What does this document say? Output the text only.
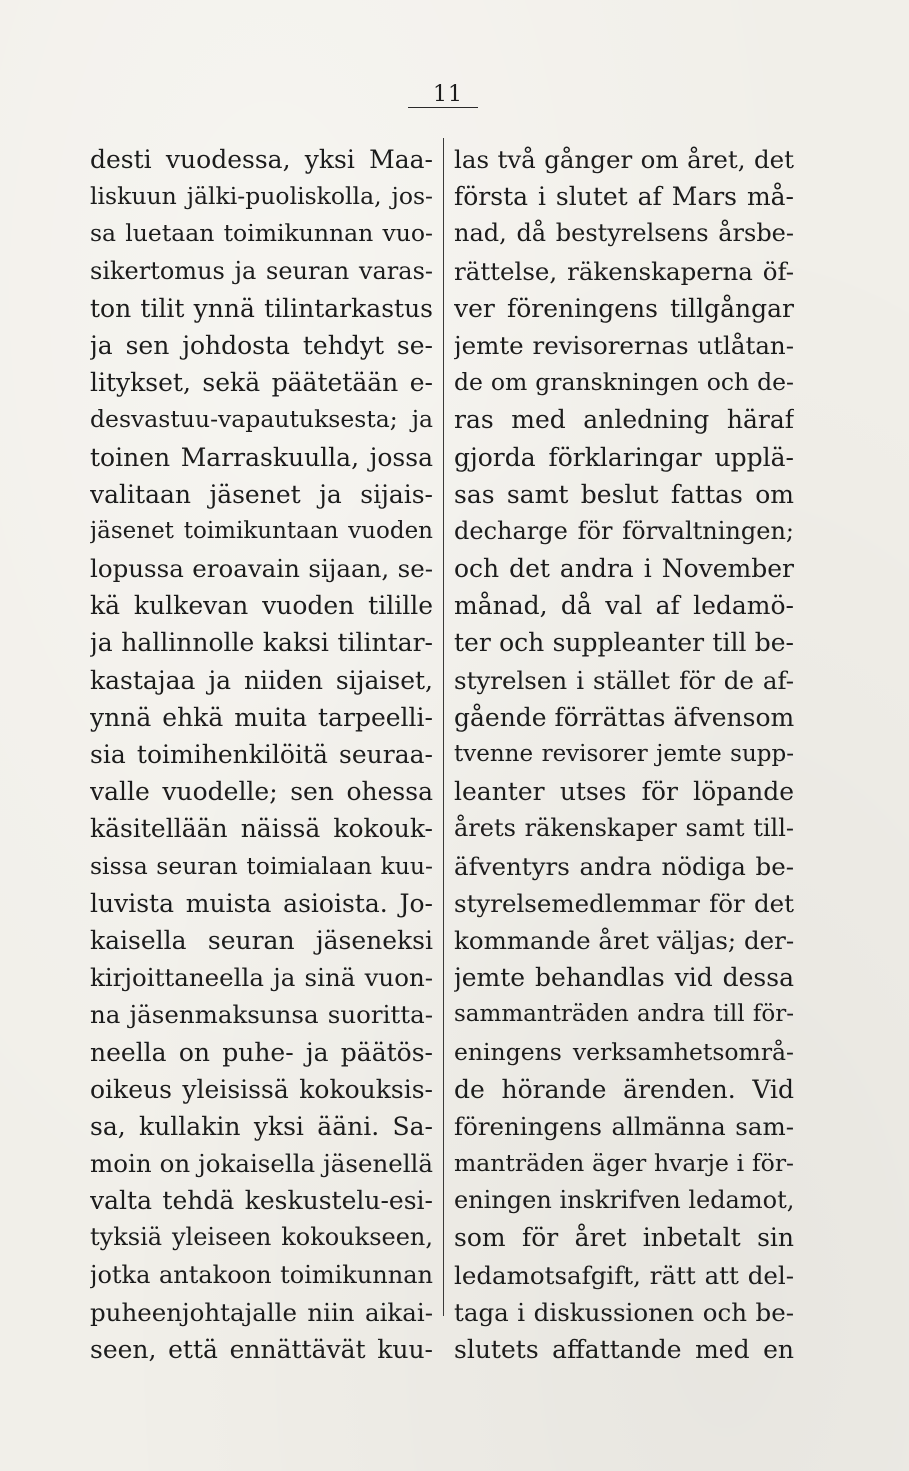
11
desti vuodessa, yksi Maa-
liskuun jälki-puoliskolla, jos-
sa luetaan toimikunnan vuo-
sikertomus ja seuran varas-
ton tilit ynnä tilintarkastus
ja sen johdosta tehdyt se-
litykset, sekä päätetään e-
desvastuu-vapautuksesta; ja
toinen Marraskuulla, jossa
valitaan jäsenet ja sijais-
jäsenet toimikuntaan vuoden
lopussa eroavain sijaan, se-
kä kulkevan vuoden tilille
ja hallinnolle kaksi tilintar-
kastajaa ja niiden sijaiset,
ynnä ehkä muita tarpeelli-
sia toimihenkilöitä seuraa-
valle vuodelle; sen ohessa
käsitellään näissä kokouk-
sissa seuran toimialaan kuu-
luvista muista asioista. Jo-
kaisella seuran jäseneksi
kirjoittaneella ja sinä vuon-
na jäsenmaksunsa suoritta-
neella on puhe- ja päätös-
oikeus yleisissä kokouksis-
sa, kullakin yksi ääni. Sa-
moin on jokaisella jäsenellä
valta tehdä keskustelu-esi-
tyksiä yleiseen kokoukseen,
jotka antakoon toimikunnan
puheenjohtajalle niin aikai-
seen, että ennättävät kuu-
las två gånger om året, det
första i slutet af Mars må-
nad, då bestyrelsens årsbe-
rättelse, räkenskaperna öf-
ver föreningens tillgångar
jemte revisorernas utlåtan-
de om granskningen och de-
ras med anledning häraf
gjorda förklaringar upplä-
sas samt beslut fattas om
decharge för förvaltningen;
och det andra i November
månad, då val af ledamö-
ter och suppleanter till be-
styrelsen i stället för de af-
gående förrättas äfvensom
tvenne revisorer jemte supp-
leanter utses för löpande
årets räkenskaper samt till-
äfventyrs andra nödiga be-
styrelsemedlemmar för det
kommande året väljas; der-
jemte behandlas vid dessa
sammanträden andra till för-
eningens verksamhetsområ-
de hörande ärenden. Vid
föreningens allmänna sam-
manträden äger hvarje i för-
eningen inskrifven ledamot,
som för året inbetalt sin
ledamotsafgift, rätt att del-
taga i diskussionen och be-
slutets affattande med en
